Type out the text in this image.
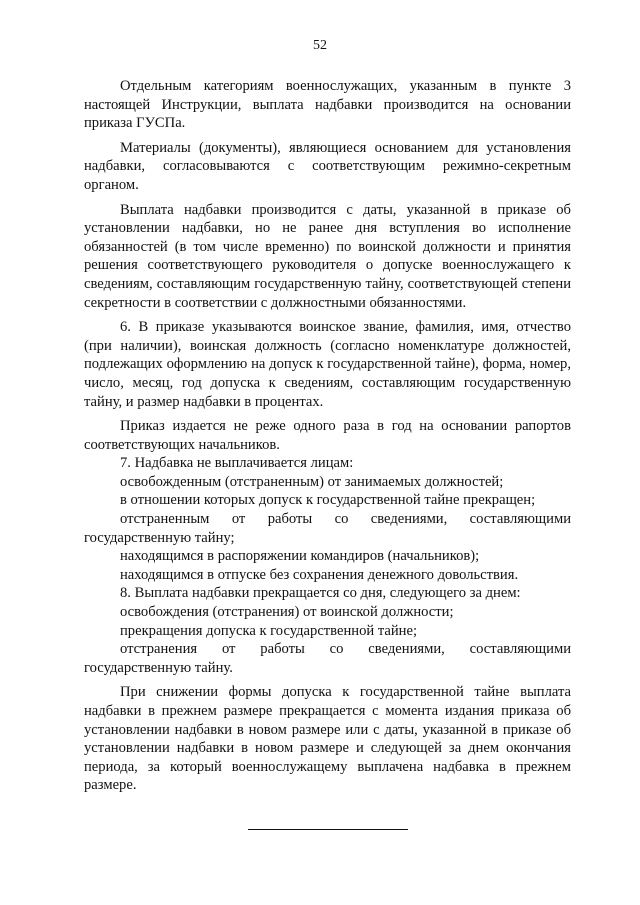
52

Отдельным категориям военнослужащих, указанным в пункте 3 настоящей Инструкции, выплата надбавки производится на основании приказа ГУСПа.

Материалы (документы), являющиеся основанием для установления надбавки, согласовываются с соответствующим режимно-секретным органом.

Выплата надбавки производится с даты, указанной в приказе об установлении надбавки, но не ранее дня вступления во исполнение обязанностей (в том числе временно) по воинской должности и принятия решения соответствующего руководителя о допуске военнослужащего к сведениям, составляющим государственную тайну, соответствующей степени секретности в соответствии с должностными обязанностями.

6. В приказе указываются воинское звание, фамилия, имя, отчество (при наличии), воинская должность (согласно номенклатуре должностей, подлежащих оформлению на допуск к государственной тайне), форма, номер, число, месяц, год допуска к сведениям, составляющим государственную тайну, и размер надбавки в процентах.

Приказ издается не реже одного раза в год на основании рапортов соответствующих начальников.

7. Надбавка не выплачивается лицам:

освобожденным (отстраненным) от занимаемых должностей;

в отношении которых допуск к государственной тайне прекращен;

отстраненным от работы со сведениями, составляющими государственную тайну;

находящимся в распоряжении командиров (начальников);

находящимся в отпуске без сохранения денежного довольствия.

8. Выплата надбавки прекращается со дня, следующего за днем:

освобождения (отстранения) от воинской должности;

прекращения допуска к государственной тайне;

отстранения от работы со сведениями, составляющими государственную тайну.

При снижении формы допуска к государственной тайне выплата надбавки в прежнем размере прекращается с момента издания приказа об установлении надбавки в новом размере или с даты, указанной в приказе об установлении надбавки в новом размере и следующей за днем окончания периода, за который военнослужащему выплачена надбавка в прежнем размере.
